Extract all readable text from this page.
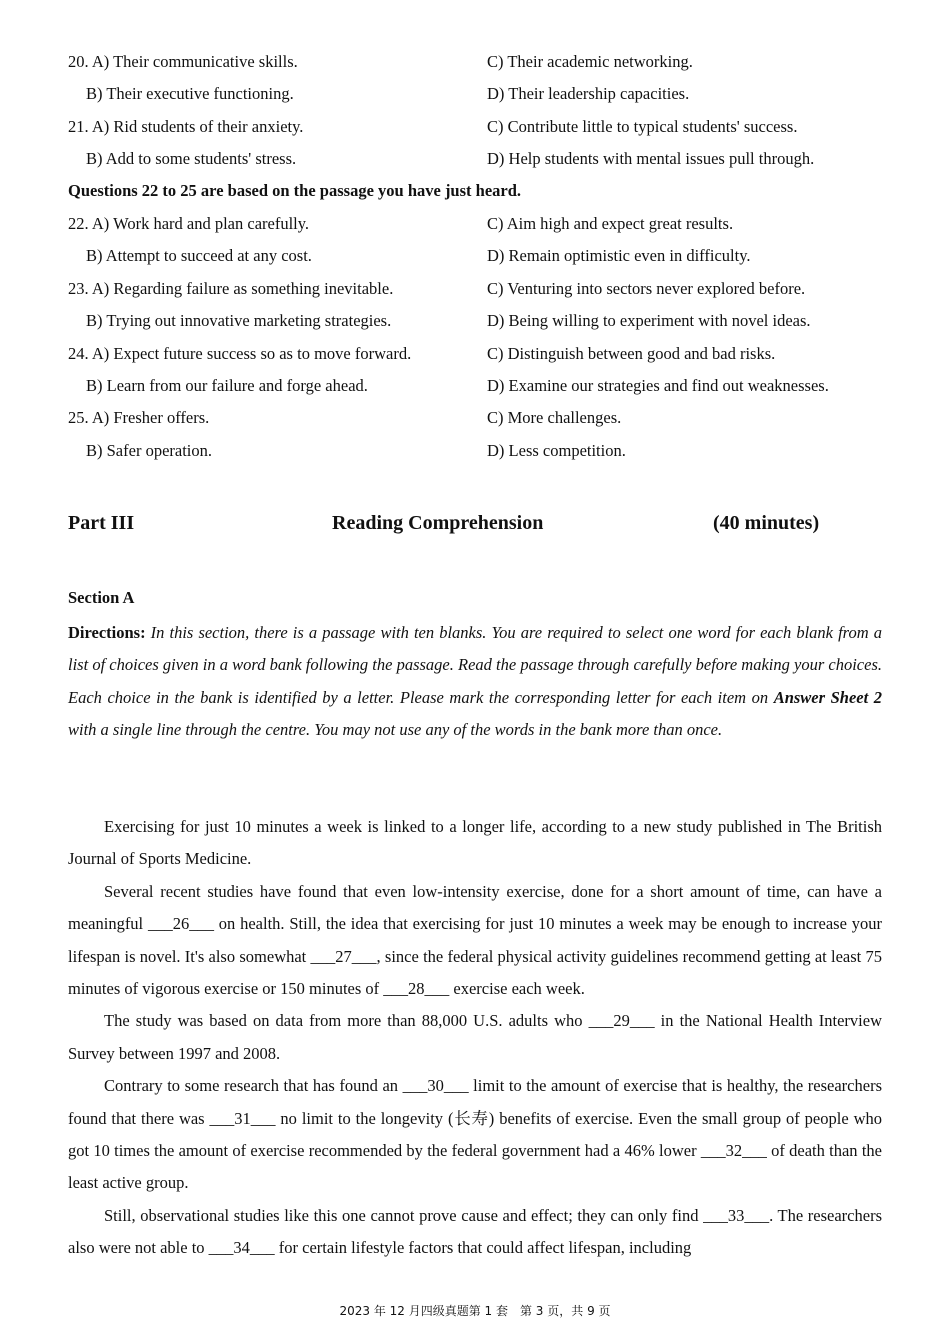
20. A) Their communicative skills.	C) Their academic networking.
B) Their executive functioning.	D) Their leadership capacities.
21. A) Rid students of their anxiety.	C) Contribute little to typical students' success.
B) Add to some students' stress.	D) Help students with mental issues pull through.
Questions 22 to 25 are based on the passage you have just heard.
22. A) Work hard and plan carefully.	C) Aim high and expect great results.
B) Attempt to succeed at any cost.	D) Remain optimistic even in difficulty.
23. A) Regarding failure as something inevitable.	C) Venturing into sectors never explored before.
B) Trying out innovative marketing strategies.	D) Being willing to experiment with novel ideas.
24. A) Expect future success so as to move forward.	C) Distinguish between good and bad risks.
B) Learn from our failure and forge ahead.	D) Examine our strategies and find out weaknesses.
25. A) Fresher offers.	C) More challenges.
B) Safer operation.	D) Less competition.
Part III	Reading Comprehension	(40 minutes)
Section A
Directions: In this section, there is a passage with ten blanks. You are required to select one word for each blank from a list of choices given in a word bank following the passage. Read the passage through carefully before making your choices. Each choice in the bank is identified by a letter. Please mark the corresponding letter for each item on Answer Sheet 2 with a single line through the centre. You may not use any of the words in the bank more than once.

Exercising for just 10 minutes a week is linked to a longer life, according to a new study published in The British Journal of Sports Medicine.

Several recent studies have found that even low-intensity exercise, done for a short amount of time, can have a meaningful ___26___ on health. Still, the idea that exercising for just 10 minutes a week may be enough to increase your lifespan is novel. It's also somewhat ___27___, since the federal physical activity guidelines recommend getting at least 75 minutes of vigorous exercise or 150 minutes of ___28___ exercise each week.

The study was based on data from more than 88,000 U.S. adults who ___29___ in the National Health Interview Survey between 1997 and 2008.

Contrary to some research that has found an ___30___ limit to the amount of exercise that is healthy, the researchers found that there was ___31___ no limit to the longevity (长寿) benefits of exercise. Even the small group of people who got 10 times the amount of exercise recommended by the federal government had a 46% lower ___32___ of death than the least active group.

Still, observational studies like this one cannot prove cause and effect; they can only find ___33___. The researchers also were not able to ___34___ for certain lifestyle factors that could affect lifespan, including

2023 年 12 月四级真题第 1 套　第 3 页，共 9 页
